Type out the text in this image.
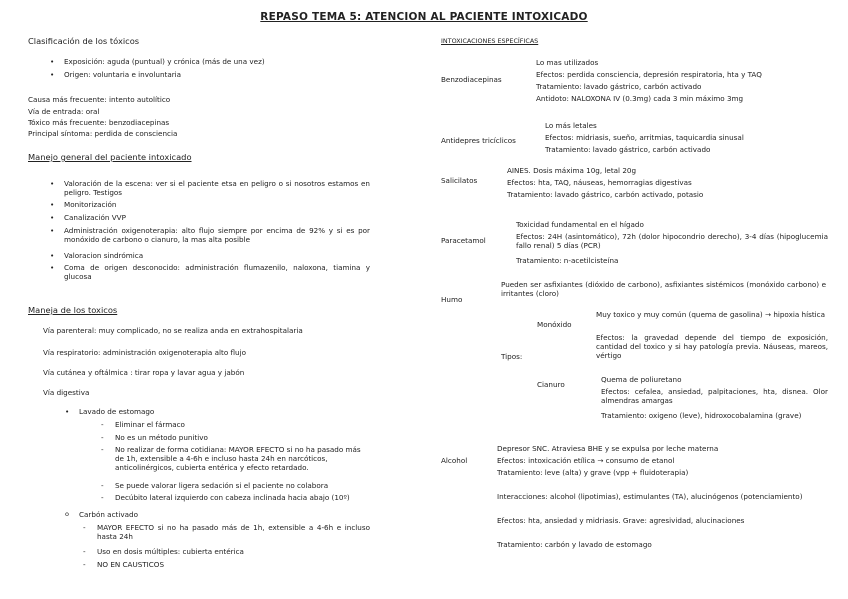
REPASO TEMA 5: ATENCION AL PACIENTE INTOXICADO
Clasificación de los tóxicos
• Exposición: aguda (puntual) y crónica (más de una vez)
• Origen: voluntaria e involuntaria
Causa más frecuente: intento autolítico
Vía de entrada: oral
Tóxico más frecuente: benzodiacepinas
Principal síntoma: perdida de consciencia
Manejo general del paciente intoxicado
• Valoración de la escena: ver si el paciente etsa en peligro o si nosotros estamos en peligro. Testigos
• Monitorización
• Canalización VVP
• Administración oxigenoterapia: alto flujo siempre por encima de 92% y si es por monóxido de carbono o cianuro, la mas alta posible
• Valoracion sindrómica
• Coma de origen desconocido: administración flumazenilo, naloxona, tiamina y glucosa
Maneja de los toxicos
Vía parenteral: muy complicado, no se realiza anda en extrahospitalaria
Vía respiratorio: administración oxigenoterapia alto flujo
Vía cutánea y oftálmica : tirar ropa y lavar agua y jabón
Vía digestiva
• Lavado de estomago
- Eliminar el fármaco
- No es un método punitivo
- No realizar de forma cotidiana: MAYOR EFECTO si no ha pasado más de 1h, extensible a 4-6h e incluso hasta 24h en narcóticos, anticolinérgicos, cubierta entérica y efecto retardado.
- Se puede valorar ligera sedación si el paciente no colabora
- Decúbito lateral izquierdo con cabeza inclinada hacia abajo (10º)
o Carbón activado
- MAYOR EFECTO si no ha pasado más de 1h, extensible a 4-6h e incluso hasta 24h
- Uso en dosis múltiples: cubierta entérica
- NO EN CAUSTICOS
INTOXICACIONES ESPECÍFICAS
Benzodiacepinas
Lo mas utilizados
Efectos: perdida consciencia, depresión respiratoria, hta y TAQ
Tratamiento: lavado gástrico, carbón activado
Antidoto: NALOXONA IV (0.3mg) cada 3 min máximo 3mg
Antidepres tricíclicos
Lo más letales
Efectos: midriasis, sueño, arritmias, taquicardia sinusal
Tratamiento: lavado gástrico, carbón activado
Salicilatos
AINES. Dosis máxima 10g, letal 20g
Efectos: hta, TAQ, náuseas, hemorragias digestivas
Tratamiento: lavado gástrico, carbón activado, potasio
Paracetamol
Toxicidad fundamental en el hígado
Efectos: 24H (asintomático), 72h (dolor hipocondrio derecho), 3-4 días (hipoglucemia fallo renal) 5 días (PCR)
Tratamiento: n-acetilcisteína
Humo
Pueden ser asfixiantes (dióxido de carbono), asfixiantes sistémicos (monóxido carbono) e irritantes (cloro)
Tipos:
Monóxido
Muy toxico y muy común (quema de gasolina) → hipoxia hística
Efectos: la gravedad depende del tiempo de exposición, cantidad del toxico y si hay patología previa. Náuseas, mareos, vértigo
Cianuro
Quema de poliuretano
Efectos: cefalea, ansiedad, palpitaciones, hta, disnea. Olor almendras amargas
Tratamiento: oxigeno (leve), hidroxocobalamina (grave)
Alcohol
Depresor SNC. Atraviesa BHE y se expulsa por leche materna
Efectos: intoxicación etílica → consumo de etanol
Tratamiento: leve (alta) y grave (vpp + fluidoterapia)
Interacciones: alcohol (lipotimias), estimulantes (TA), alucinógenos (potenciamiento)
Efectos: hta, ansiedad y midriasis. Grave: agresividad, alucinaciones
Tratamiento: carbón y lavado de estomago
